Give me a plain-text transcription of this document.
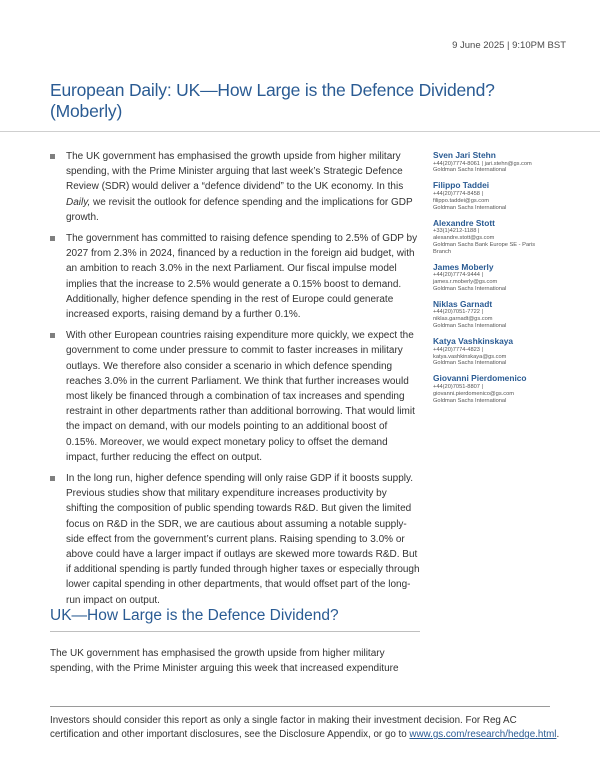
9 June 2025 | 9:10PM BST
European Daily: UK—How Large is the Defence Dividend? (Moberly)
The UK government has emphasised the growth upside from higher military spending, with the Prime Minister arguing that last week’s Strategic Defence Review (SDR) would deliver a “defence dividend” to the UK economy. In this Daily, we revisit the outlook for defence spending and the implications for GDP growth.
The government has committed to raising defence spending to 2.5% of GDP by 2027 from 2.3% in 2024, financed by a reduction in the foreign aid budget, with an ambition to reach 3.0% in the next Parliament. Our fiscal impulse model implies that the increase to 2.5% would generate a 0.15% boost to demand. Additionally, higher defence spending in the rest of Europe could generate increased exports, raising demand by a further 0.1%.
With other European countries raising expenditure more quickly, we expect the government to come under pressure to commit to faster increases in military outlays. We therefore also consider a scenario in which defence spending reaches 3.0% in the current Parliament. We think that further increases would most likely be financed through a combination of tax increases and spending restraint in other departments rather than additional borrowing. That would limit the impact on demand, with our models pointing to an additional boost of 0.15%. Moreover, we would expect monetary policy to offset the demand impact, further reducing the effect on output.
In the long run, higher defence spending will only raise GDP if it boosts supply. Previous studies show that military expenditure increases productivity by shifting the composition of public spending towards R&D. But given the limited focus on R&D in the SDR, we are cautious about assuming a notable supply-side effect from the government’s current plans. Raising spending to 3.0% or above could have a larger impact if outlays are skewed more towards R&D. But if additional spending is partly funded through higher taxes or especially through lower capital spending in other departments, that would offset part of the long-run impact on output.
Sven Jari Stehn
+44(20)7774-8061 | jari.stehn@gs.com
Goldman Sachs International
Filippo Taddei
+44(20)7774-8458 |
filippo.taddei@gs.com
Goldman Sachs International
Alexandre Stott
+33(1)4212-1188 |
alexandre.stott@gs.com
Goldman Sachs Bank Europe SE - Paris
Branch
James Moberly
+44(20)7774-9444 |
james.r.moberly@gs.com
Goldman Sachs International
Niklas Garnadt
+44(20)7051-7722 |
niklas.garnadt@gs.com
Goldman Sachs International
Katya Vashkinskaya
+44(20)7774-4823 |
katya.vashkinskaya@gs.com
Goldman Sachs International
Giovanni Pierdomenico
+44(20)7051-8807 |
giovanni.pierdomenico@gs.com
Goldman Sachs International
UK—How Large is the Defence Dividend?

The UK government has emphasised the growth upside from higher military spending, with the Prime Minister arguing this week that increased expenditure

Investors should consider this report as only a single factor in making their investment decision. For Reg AC certification and other important disclosures, see the Disclosure Appendix, or go to www.gs.com/research/hedge.html.
